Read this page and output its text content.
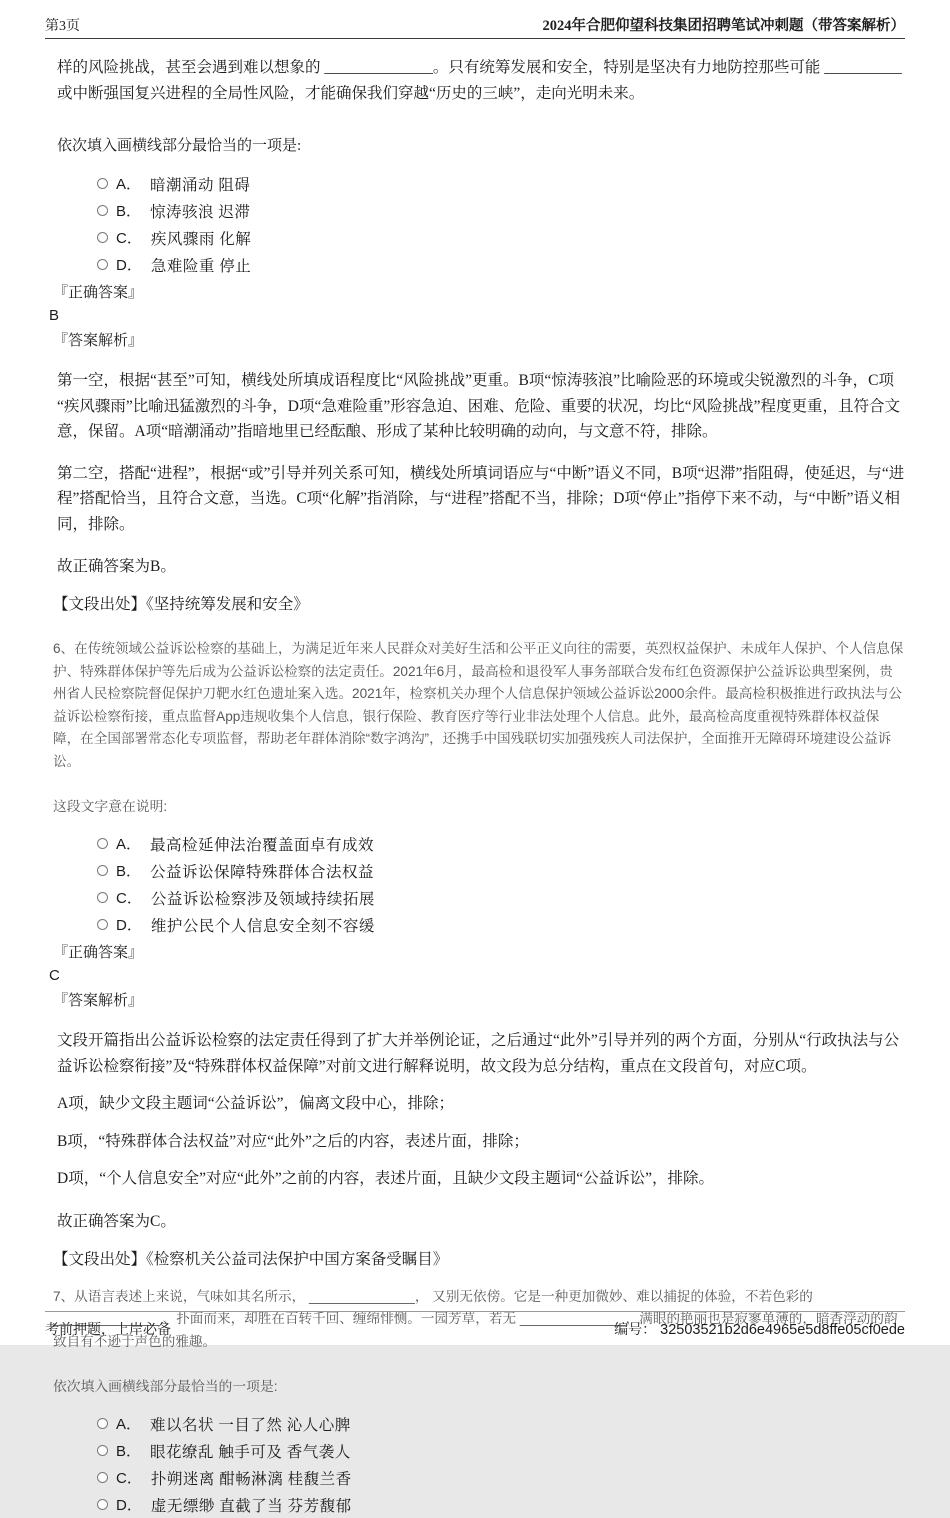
第3页	2024年合肥仰望科技集团招聘笔试冲刺题（带答案解析）

样的风险挑战，甚至会遇到难以想象的 ______________。只有统筹发展和安全，特别是坚决有力地防控那些可能 __________或中断强国复兴进程的全局性风险，才能确保我们穿越“历史的三峡”，走向光明未来。

依次填入画横线部分最恰当的一项是:

A． 暗潮涌动 阻碍
B． 惊涛骇浪 迟滞
C． 疾风骤雨 化解
D． 急难险重 停止

『正确答案』

B

『答案解析』

第一空，根据“甚至”可知，横线处所填成语程度比“风险挑战”更重。B项“惊涛骇浪”比喻险恶的环境或尖锐激烈的斗争，C项“疾风骤雨”比喻迅猛激烈的斗争，D项“急难险重”形容急迫、困难、危险、重要的状况，均比“风险挑战”程度更重，且符合文意，保留。A项“暗潮涌动”指暗地里已经酝酿、形成了某种比较明确的动向，与文意不符，排除。

第二空，搭配“进程”，根据“或”引导并列关系可知，横线处所填词语应与“中断”语义不同，B项“迟滞”指阻碍，使延迟，与“进程”搭配恰当，且符合文意，当选。C项“化解”指消除，与“进程”搭配不当，排除；D项“停止”指停下来不动，与“中断”语义相同，排除。

故正确答案为B。

【文段出处】《坚持统筹发展和安全》

6、在传统领域公益诉讼检察的基础上，为满足近年来人民群众对美好生活和公平正义向往的需要，英烈权益保护、未成年人保护、个人信息保护、特殊群体保护等先后成为公益诉讼检察的法定责任。2021年6月，最高检和退役军人事务部联合发布红色资源保护公益诉讼典型案例，贵州省人民检察院督促保护刀靶水红色遗址案入选。2021年，检察机关办理个人信息保护领域公益诉讼2000余件。最高检积极推进行政执法与公益诉讼检察衔接，重点监督App违规收集个人信息，银行保险、教育医疗等行业非法处理个人信息。此外，最高检高度重视特殊群体权益保障，在全国部署常态化专项监督，帮助老年群体消除“数字鸿沟”，还携手中国残联切实加强残疾人司法保护，全面推开无障碍环境建设公益诉讼。

这段文字意在说明:

A． 最高检延伸法治覆盖面卓有成效
B． 公益诉讼保障特殊群体合法权益
C． 公益诉讼检察涉及领域持续拓展
D． 维护公民个人信息安全刻不容缓

『正确答案』

C

『答案解析』

文段开篇指出公益诉讼检察的法定责任得到了扩大并举例论证，之后通过“此外”引导并列的两个方面，分别从“行政执法与公益诉讼检察衔接”及“特殊群体权益保障”对前文进行解释说明，故文段为总分结构，重点在文段首句，对应C项。

A项，缺少文段主题词“公益诉讼”，偏离文段中心，排除；

B项，“特殊群体合法权益”对应“此外”之后的内容，表述片面，排除；

D项，“个人信息安全”对应“此外”之前的内容，表述片面，且缺少文段主题词“公益诉讼”，排除。

故正确答案为C。

【文段出处】《检察机关公益司法保护中国方案备受瞩目》

7、从语言表述上来说，气味如其名所示， ______________， 又别无依傍。它是一种更加微妙、难以捕捉的体验，不若色彩的 ______________ 、扑面而来，却胜在百转千回、缠绵悱恻。一园芳草，若无 ______________，满眼的艳丽也是寂寥单薄的，暗香浮动的韵致自有不逊于声色的雅趣。

依次填入画横线部分最恰当的一项是:

A． 难以名状 一目了然 沁人心脾
B． 眼花缭乱 触手可及 香气袭人
C． 扑朔迷离 酣畅淋漓 桂馥兰香
D． 虚无缥缈 直截了当 芬芳馥郁
考前押题，上岸必备	编号： 32503521b2d6e4965e5d8ffe05cf0ede
